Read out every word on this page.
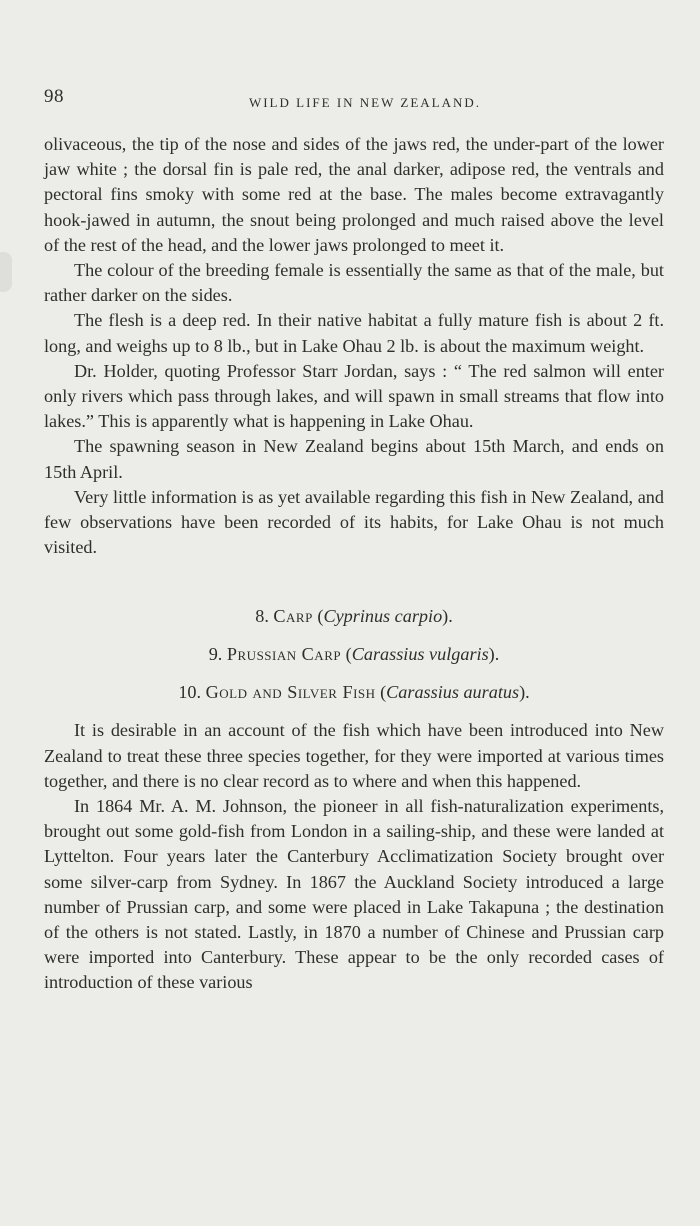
98	WILD LIFE IN NEW ZEALAND.

olivaceous, the tip of the nose and sides of the jaws red, the under-part of the lower jaw white ; the dorsal fin is pale red, the anal darker, adipose red, the ventrals and pectoral fins smoky with some red at the base. The males become extravagantly hook-jawed in autumn, the snout being prolonged and much raised above the level of the rest of the head, and the lower jaws prolonged to meet it.

The colour of the breeding female is essentially the same as that of the male, but rather darker on the sides.

The flesh is a deep red. In their native habitat a fully mature fish is about 2 ft. long, and weighs up to 8 lb., but in Lake Ohau 2 lb. is about the maximum weight.

Dr. Holder, quoting Professor Starr Jordan, says : “ The red salmon will enter only rivers which pass through lakes, and will spawn in small streams that flow into lakes.” This is apparently what is happening in Lake Ohau.

The spawning season in New Zealand begins about 15th March, and ends on 15th April.

Very little information is as yet available regarding this fish in New Zealand, and few observations have been recorded of its habits, for Lake Ohau is not much visited.

8. Carp (Cyprinus carpio).

9. Prussian Carp (Carassius vulgaris).

10. Gold and Silver Fish (Carassius auratus).

It is desirable in an account of the fish which have been introduced into New Zealand to treat these three species together, for they were imported at various times together, and there is no clear record as to where and when this happened.

In 1864 Mr. A. M. Johnson, the pioneer in all fish-naturalization experiments, brought out some gold-fish from London in a sailing-ship, and these were landed at Lyttelton. Four years later the Canterbury Acclimatization Society brought over some silver-carp from Sydney. In 1867 the Auckland Society introduced a large number of Prussian carp, and some were placed in Lake Takapuna ; the destination of the others is not stated. Lastly, in 1870 a number of Chinese and Prussian carp were imported into Canterbury. These appear to be the only recorded cases of introduction of these various
